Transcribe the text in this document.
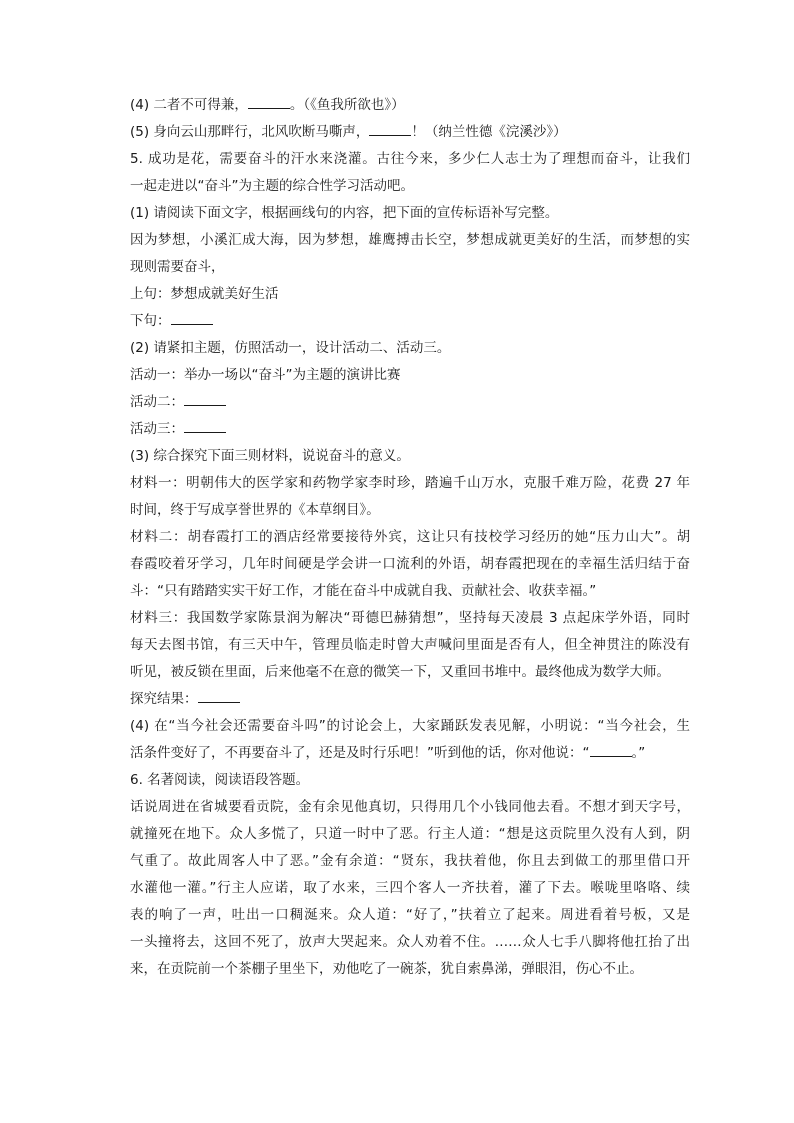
(4) 二者不可得兼，	。（《鱼我所欲也》）
(5) 身向云山那畔行，北风吹断马嘶声，	！（纳兰性德《浣溪沙》）
5. 成功是花，需要奋斗的汗水来浇灌。古往今来，多少仁人志士为了理想而奋斗，让我们
一起走进以“奋斗”为主题的综合性学习活动吧。
(1) 请阅读下面文字，根据画线句的内容，把下面的宣传标语补写完整。
因为梦想，小溪汇成大海，因为梦想，雄鹰搏击长空，梦想成就更美好的生活，而梦想的实
现则需要奋斗，
上句：梦想成就美好生活
下句：
(2) 请紧扣主题，仿照活动一，设计活动二、活动三。
活动一：举办一场以“奋斗”为主题的演讲比赛
活动二：
活动三：
(3) 综合探究下面三则材料，说说奋斗的意义。
材料一：明朝伟大的医学家和药物学家李时珍，踏遍千山万水，克服千难万险，花费 27 年
时间，终于写成享誉世界的《本草纲目》。
材料二：胡春霞打工的酒店经常要接待外宾，这让只有技校学习经历的她“压力山大”。胡
春霞咬着牙学习，几年时间硬是学会讲一口流利的外语，胡春霞把现在的幸福生活归结于奋
斗：“只有踏踏实实干好工作，才能在奋斗中成就自我、贡献社会、收获幸福。”
材料三：我国数学家陈景润为解决“哥德巴赫猜想”，坚持每天凌晨 3 点起床学外语，同时
每天去图书馆，有三天中午，管理员临走时曾大声喊问里面是否有人，但全神贯注的陈没有
听见，被反锁在里面，后来他毫不在意的微笑一下，又重回书堆中。最终他成为数学大师。
探究结果：
(4) 在“当今社会还需要奋斗吗”的讨论会上，大家踊跃发表见解，小明说：“当今社会，生
活条件变好了，不再要奋斗了，还是及时行乐吧！”听到他的话，你对他说：“	。”
6. 名著阅读，阅读语段答题。
话说周进在省城要看贡院，金有余见他真切，只得用几个小钱同他去看。不想才到天字号，
就撞死在地下。众人多慌了，只道一时中了恶。行主人道：“想是这贡院里久没有人到，阴
气重了。故此周客人中了恶。”金有余道：“贤东，我扶着他，你且去到做工的那里借口开
水灌他一灌。”行主人应诺，取了水来，三四个客人一齐扶着，灌了下去。喉咙里咯咯、续
表的响了一声，吐出一口稠涎来。众人道：“好了，”扶着立了起来。周进看着号板，又是
一头撞将去，这回不死了，放声大哭起来。众人劝着不住。……众人七手八脚将他扛抬了出
来，在贡院前一个茶棚子里坐下，劝他吃了一碗茶，犹自索鼻涕，弹眼泪，伤心不止。
